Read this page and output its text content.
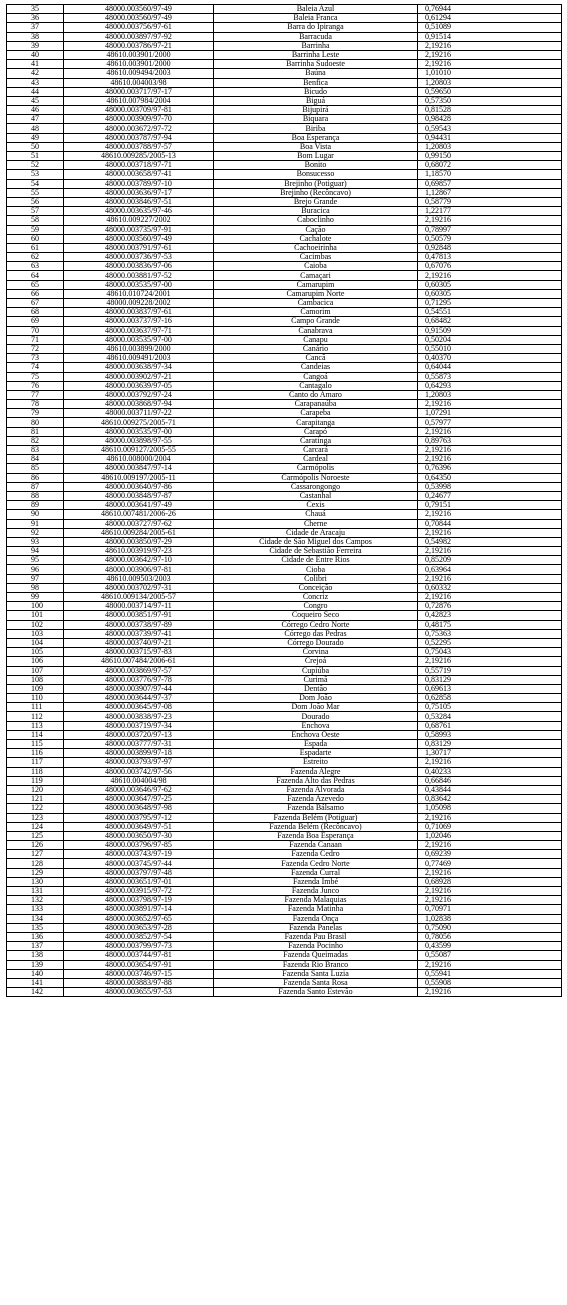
35	48000.003560/97-49	Baleia Azul	0,76944
36	48000.003560/97-49	Baleia Franca	0,61294
37	48000.003756/97-61	Barra do Ipiranga	0,51089
38	48000.003897/97-92	Barracuda	0,91514
39	48000.003786/97-21	Barrinha	2,19216
40	48610.003901/2000	Barrinha Leste	2,19216
41	48610.003901/2000	Barrinha Sudoeste	2,19216
42	48610.009494/2003	Baúna	1,01010
43	48610.004003/98	Benfica	1,20803
44	48000.003717/97-17	Bicudo	0,59650
45	48610.007984/2004	Biguá	0,57350
46	48000.003709/97-81	Bijupirá	0,81528
47	48000.003909/97-70	Biquara	0,98428
48	48000.003672/97-72	Biriba	0,59543
49	48000.003787/97-94	Boa Esperança	0,94431
50	48000.003788/97-57	Boa Vista	1,20803
51	48610.009285/2005-13	Bom Lugar	0,99150
52	48000.003718/97-71	Bonito	0,68072
53	48000.003658/97-41	Bonsucesso	1,18570
54	48000.003789/97-10	Brejinho (Potiguar)	0,69857
55	48000.003636/97-17	Brejinho (Recôncavo)	1,12867
56	48000.003846/97-51	Brejo Grande	0,58779
57	48000.003635/97-46	Buracica	1,22177
58	48610.009227/2002	Caboclinho	2,19216
59	48000.003735/97-91	Cação	0,78997
60	48000.003560/97-49	Cachalote	0,50579
61	48000.003791/97-61	Cachoeirinha	0,92848
62	48000.003736/97-53	Cacimbas	0,47813
63	48000.003836/97-06	Caioba	0,67076
64	48000.003881/97-52	Camaçari	2,19216
65	48000.003535/97-00	Camarupim	0,60305
66	48610.010724/2001	Camarupim Norte	0,60305
67	48000.009228/2002	Cambacica	0,71295
68	48000.003837/97-61	Camorim	0,54551
69	48000.003737/97-16	Campo Grande	0,68482
70	48000.003637/97-71	Canabrava	0,91509
71	48000.003535/97-00	Canapu	0,50204
72	48610.003899/2000	Canário	0,55010
73	48610.009491/2003	Cancã	0,40370
74	48000.003638/97-34	Candeias	0,64044
75	48000.003902/97-21	Cangoá	0,55873
76	48000.003639/97-05	Cantagalo	0,64293
77	48000.003792/97-24	Canto do Amaro	1,20803
78	48000.003868/97-94	Carapanaúba	2,19216
79	48000.003711/97-22	Carapeba	1,07291
80	48610.009275/2005-71	Carapitanga	0,57977
81	48000.003535/97-00	Carapó	2,19216
82	48000.003898/97-55	Caratinga	0,89763
83	48610.009127/2005-55	Carcará	2,19216
84	48610.008000/2004	Cardeal	2,19216
85	48000.003847/97-14	Carmópolis	0,76396
86	48610.009197/2005-11	Carmópolis Noroeste	0,64350
87	48000.003640/97-86	Cassarongongo	0,53998
88	48000.003848/97-87	Castanhal	0,24677
89	48000.003641/97-49	Cexis	0,79151
90	48610.007481/2006-26	Chauá	2,19216
91	48000.003727/97-62	Cherne	0,70844
92	48610.009284/2005-61	Cidade de Aracaju	2,19216
93	48000.003850/97-29	Cidade de São Miguel dos Campos	0,54982
94	48610.003919/97-23	Cidade de Sebastião Ferreira	2,19216
95	48000.003642/97-10	Cidade de Entre Rios	0,85209
96	48000.003906/97-81	Cioba	0,63964
97	48610.009503/2003	Colibri	2,19216
98	48000.003702/97-31	Conceição	0,60332
99	48610.009134/2005-57	Concriz	2,19216
100	48000.003714/97-11	Congro	0,72876
101	48000.003851/97-91	Coqueiro Seco	0,42823
102	48000.003738/97-89	Córrego Cedro Norte	0,48175
103	48000.003739/97-41	Córrego das Pedras	0,75363
104	48000.003740/97-21	Córrego Dourado	0,52295
105	48000.003715/97-83	Corvina	0,75043
106	48610.007484/2006-61	Crejoá	2,19216
107	48000.003869/97-57	Cupiúba	0,55719
108	48000.003776/97-78	Curimã	0,83129
109	48000.003907/97-44	Dentão	0,69613
110	48000.003644/97-37	Dom João	0,62858
111	48000.003645/97-08	Dom João Mar	0,75105
112	48000.003838/97-23	Dourado	0,53284
113	48000.003719/97-34	Enchova	0,68761
114	48000.003720/97-13	Enchova Oeste	0,58993
115	48000.003777/97-31	Espada	0,83129
116	48000.003899/97-18	Espadarte	1,30717
117	48000.003793/97-97	Estreito	2,19216
118	48000.003742/97-56	Fazenda Alegre	0,40233
119	48610.004004/98	Fazenda Alto das Pedras	0,66846
120	48000.003646/97-62	Fazenda Alvorada	0,43844
121	48000.003647/97-25	Fazenda Azevedo	0,83642
122	48000.003648/97-98	Fazenda Bálsamo	1,05098
123	48000.003795/97-12	Fazenda Belém (Potiguar)	2,19216
124	48000.003649/97-51	Fazenda Belém (Recôncavo)	0,71069
125	48000.003650/97-30	Fazenda Boa Esperança	1,02046
126	48000.003796/97-85	Fazenda Canaan	2,19216
127	48000.003743/97-19	Fazenda Cedro	0,69239
128	48000.003745/97-44	Fazenda Cedro Norte	0,77469
129	48000.003797/97-48	Fazenda Curral	2,19216
130	48000.003651/97-01	Fazenda Imbé	0,68928
131	48000.003915/97-72	Fazenda Junco	2,19216
132	48000.003798/97-19	Fazenda Malaquias	2,19216
133	48000.003891/97-14	Fazenda Matinha	0,70971
134	48000.003652/97-65	Fazenda Onça	1,02838
135	48000.003653/97-28	Fazenda Panelas	0,75090
136	48000.003852/97-54	Fazenda Pau Brasil	0,78056
137	48000.003799/97-73	Fazenda Pocinho	0,43599
138	48000.003744/97-81	Fazenda Queimadas	0,55087
139	48000.003654/97-91	Fazenda Rio Branco	2,19216
140	48000.003746/97-15	Fazenda Santa Luzia	0,55941
141	48000.003883/97-88	Fazenda Santa Rosa	0,55908
142	48000.003655/97-53	Fazenda Santo Estevão	2,19216
